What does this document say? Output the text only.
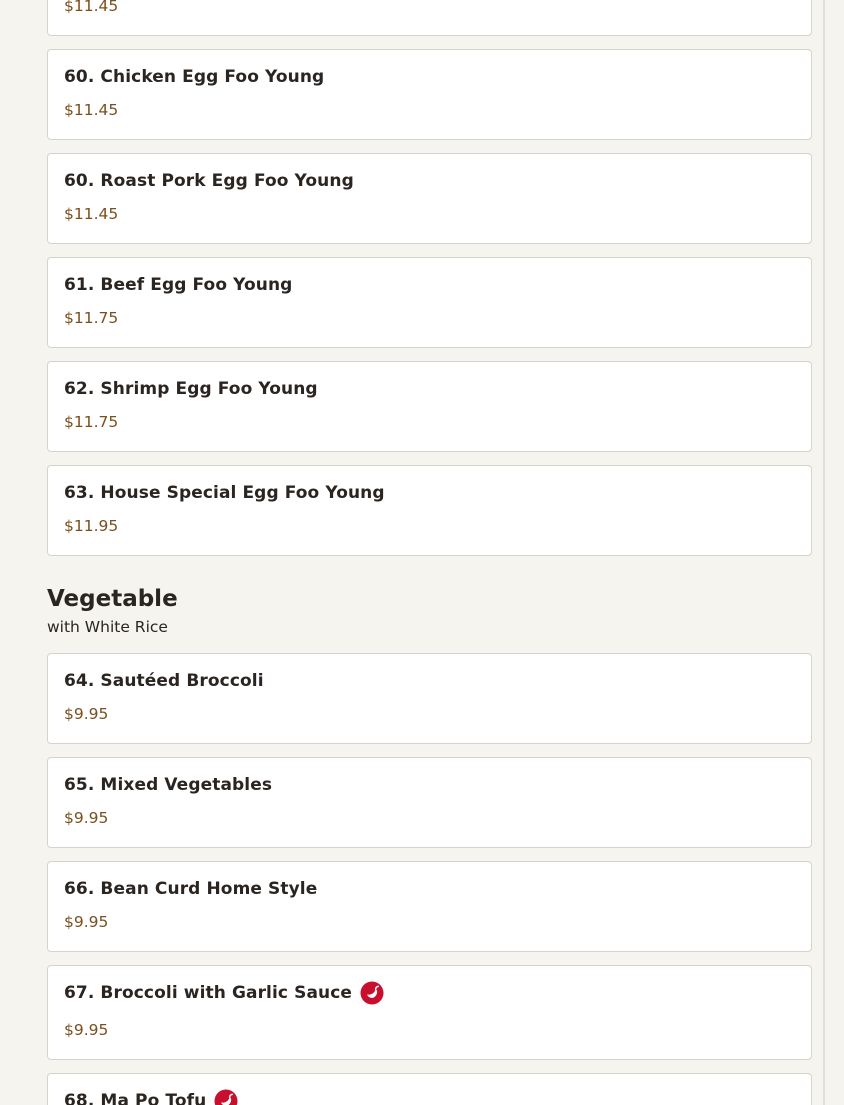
$11.45
60. Chicken Egg Foo Young
$11.45
60. Roast Pork Egg Foo Young
$11.45
61. Beef Egg Foo Young
$11.75
62. Shrimp Egg Foo Young
$11.75
63. House Special Egg Foo Young
$11.95
Vegetable
with White Rice
64. Sautéed Broccoli
$9.95
65. Mixed Vegetables
$9.95
66. Bean Curd Home Style
$9.95
67. Broccoli with Garlic Sauce
$9.95
68. Ma Po Tofu
